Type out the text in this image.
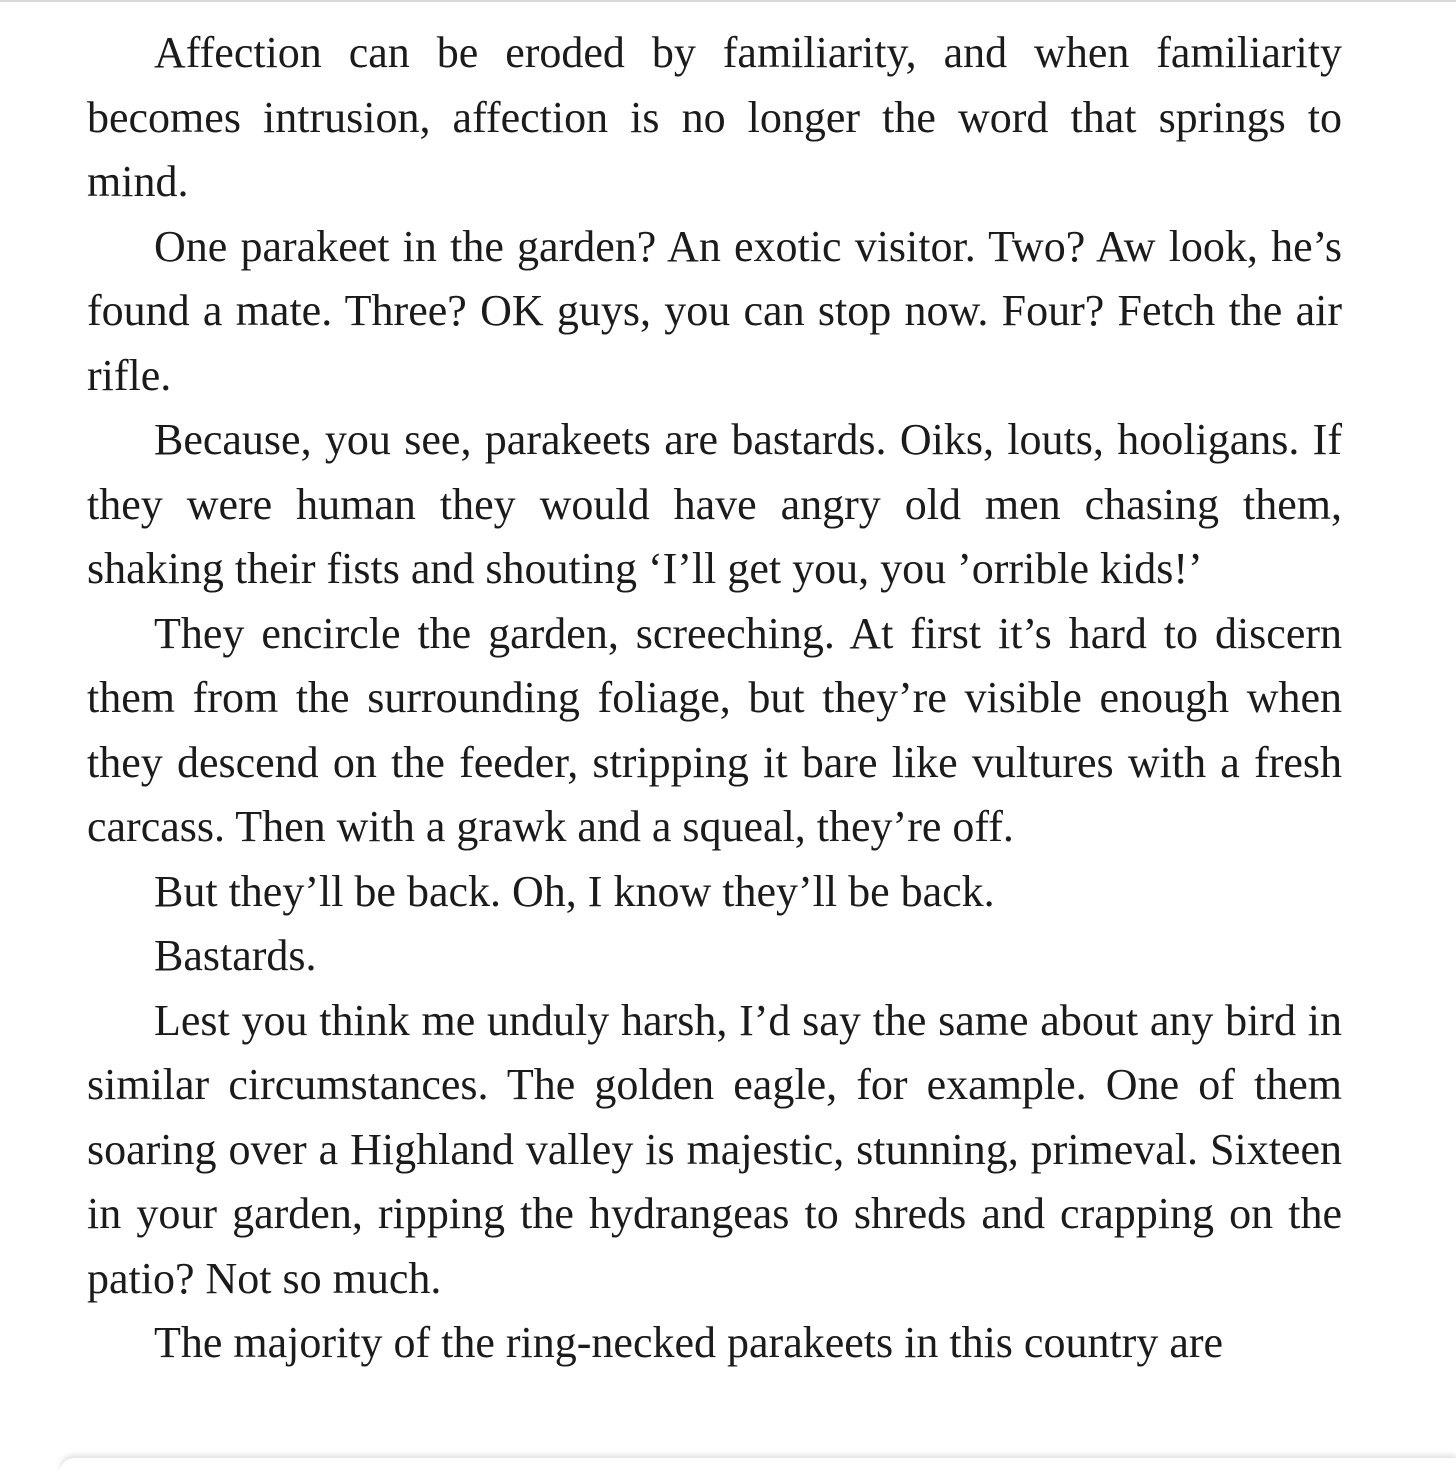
Affection can be eroded by familiarity, and when familiarity becomes intrusion, affection is no longer the word that springs to mind.

One parakeet in the garden? An exotic visitor. Two? Aw look, he’s found a mate. Three? OK guys, you can stop now. Four? Fetch the air rifle.

Because, you see, parakeets are bastards. Oiks, louts, hooligans. If they were human they would have angry old men chasing them, shaking their fists and shouting ‘I’ll get you, you ’orrible kids!’

They encircle the garden, screeching. At first it’s hard to discern them from the surrounding foliage, but they’re visible enough when they descend on the feeder, stripping it bare like vultures with a fresh carcass. Then with a grawk and a squeal, they’re off.

But they’ll be back. Oh, I know they’ll be back.

Bastards.

Lest you think me unduly harsh, I’d say the same about any bird in similar circumstances. The golden eagle, for example. One of them soaring over a Highland valley is majestic, stunning, primeval. Sixteen in your garden, ripping the hydrangeas to shreds and crapping on the patio? Not so much.

The majority of the ring-necked parakeets in this country are
